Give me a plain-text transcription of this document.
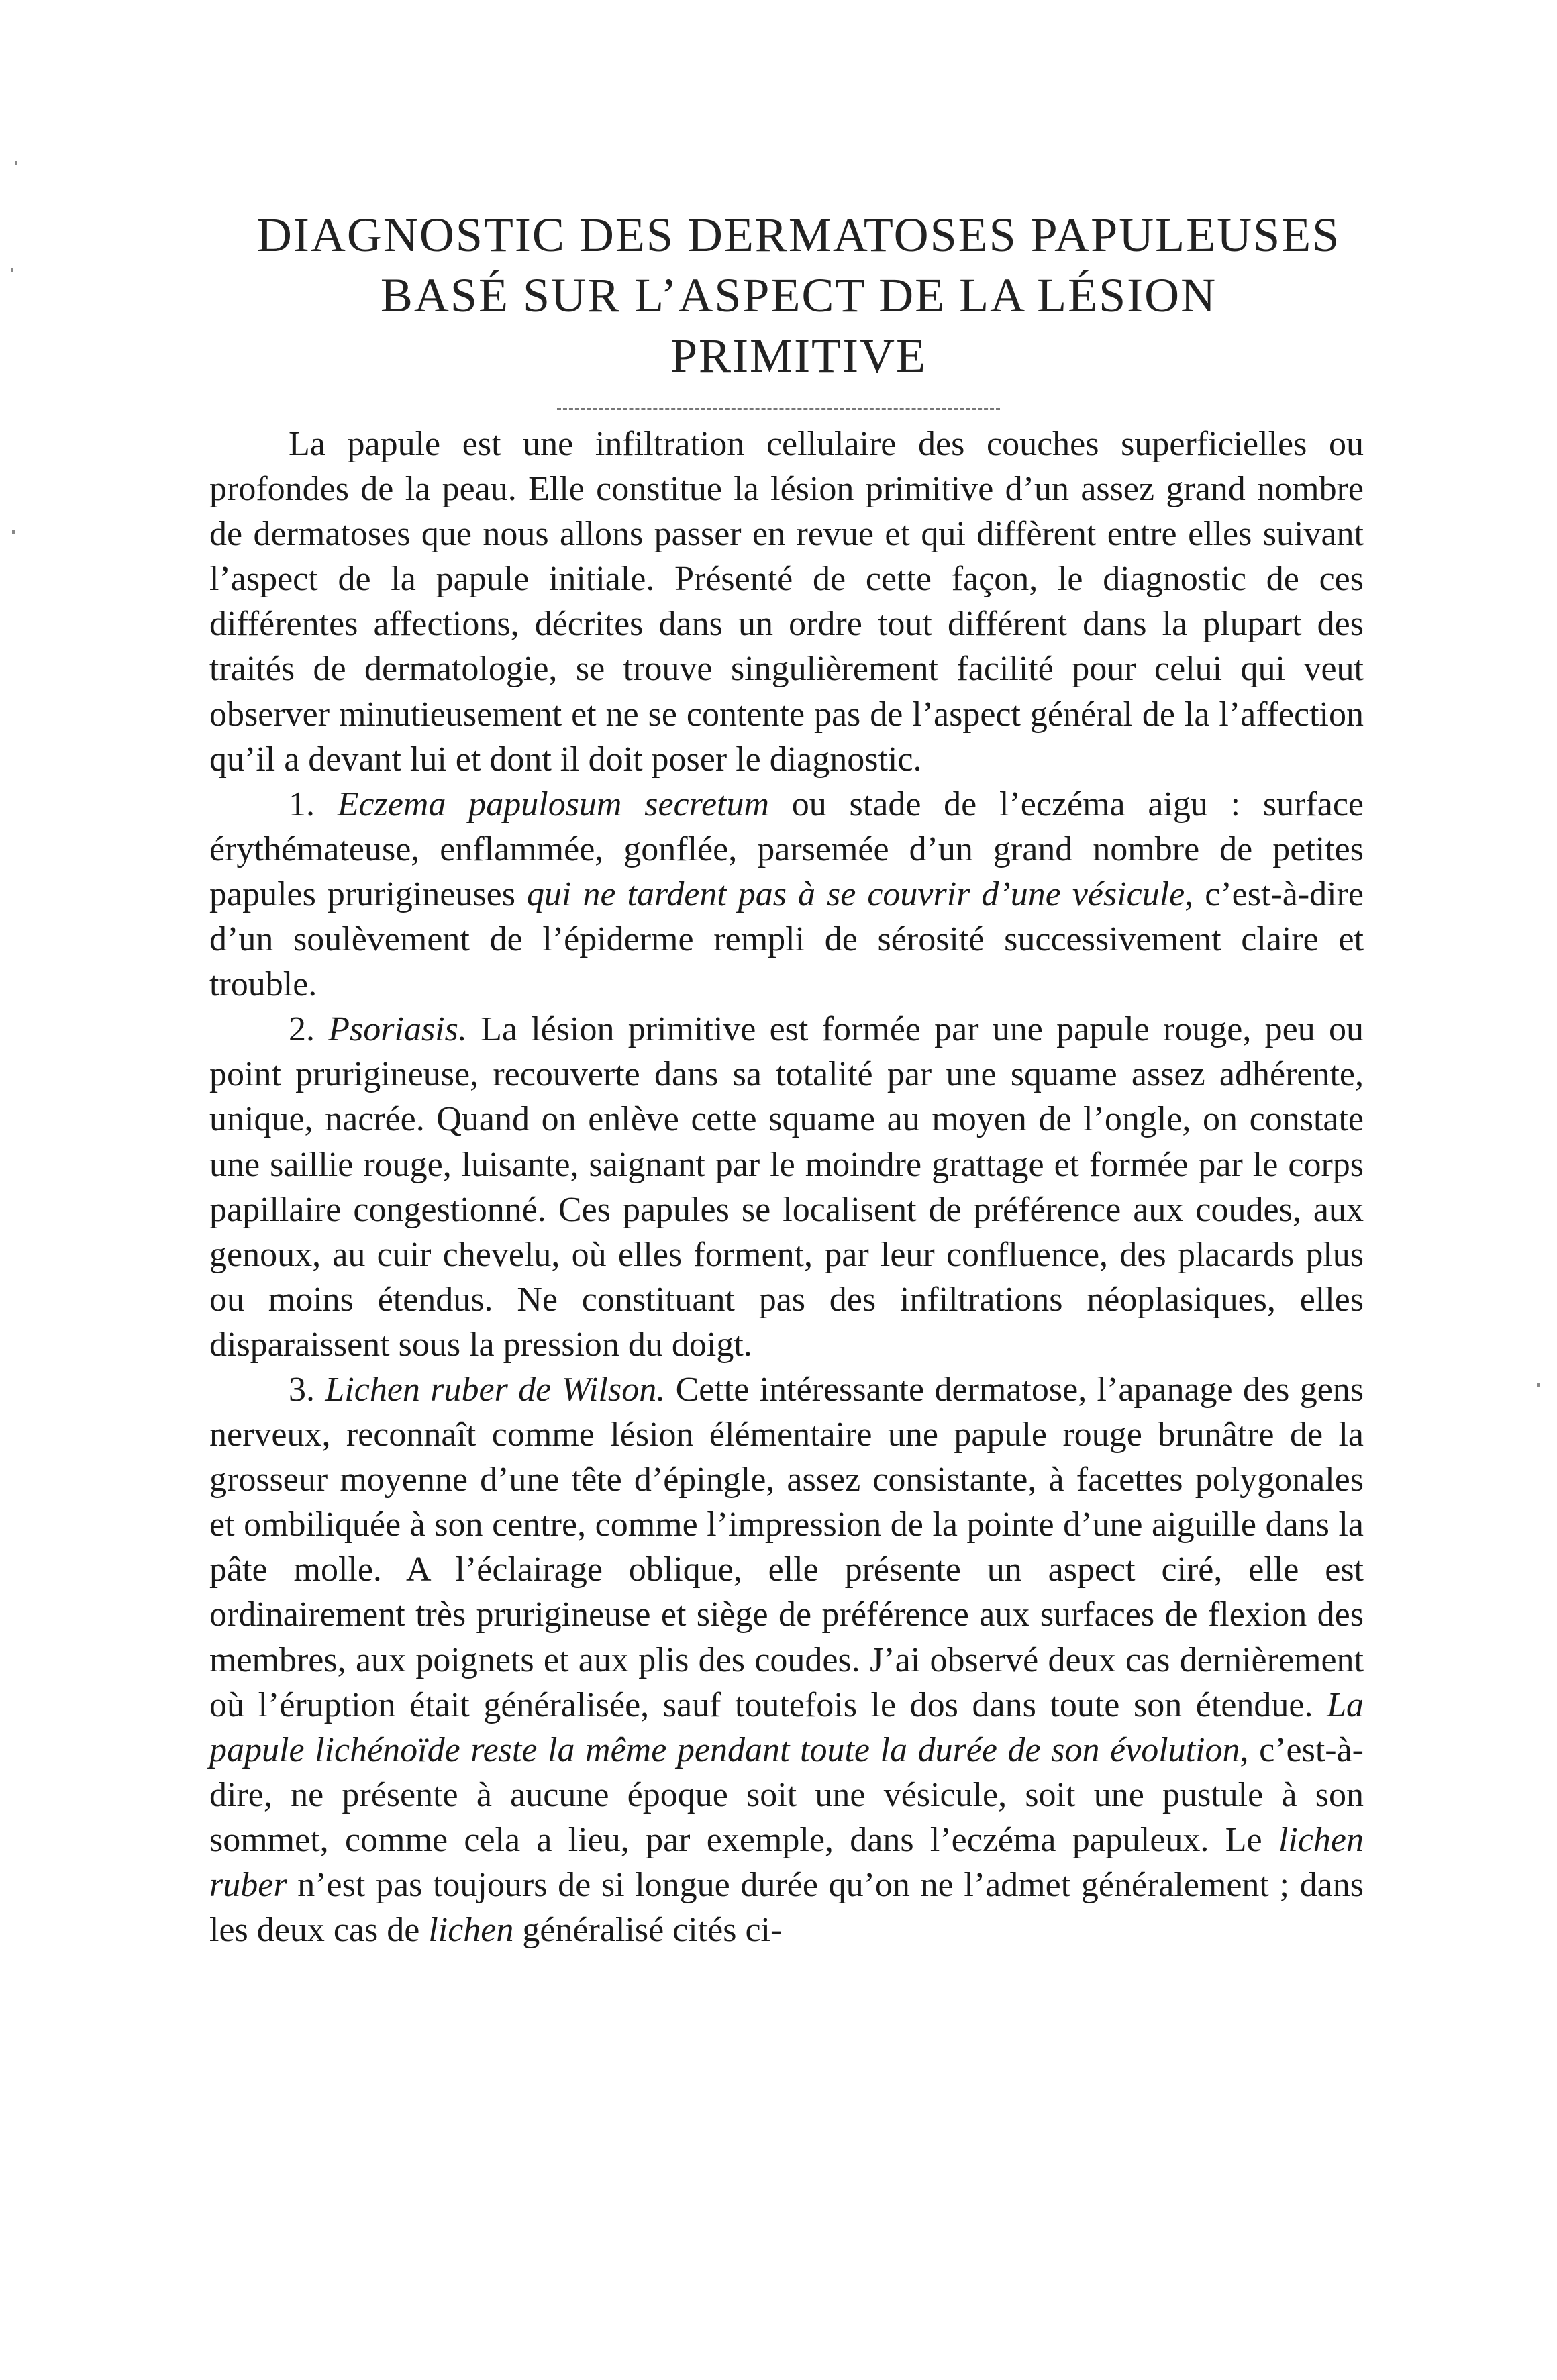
DIAGNOSTIC DES DERMATOSES PAPULEUSES
BASÉ SUR L’ASPECT DE LA LÉSION
PRIMITIVE

La papule est une infiltration cellulaire des couches superficielles ou profondes de la peau. Elle constitue la lésion primitive d’un assez grand nombre de dermatoses que nous allons passer en revue et qui diffèrent entre elles suivant l’aspect de la papule initiale. Présenté de cette façon, le diagnostic de ces différentes affections, décrites dans un ordre tout différent dans la plupart des traités de dermatologie, se trouve singulièrement facilité pour celui qui veut observer minutieusement et ne se contente pas de l’aspect général de la l’affection qu’il a devant lui et dont il doit poser le diagnostic.

1. Eczema papulosum secretum ou stade de l’eczéma aigu : surface érythémateuse, enflammée, gonflée, parsemée d’un grand nombre de petites papules prurigineuses qui ne tardent pas à se couvrir d’une vésicule, c’est-à-dire d’un soulèvement de l’épiderme rempli de sérosité successivement claire et trouble.

2. Psoriasis. La lésion primitive est formée par une papule rouge, peu ou point prurigineuse, recouverte dans sa totalité par une squame assez adhérente, unique, nacrée. Quand on enlève cette squame au moyen de l’ongle, on constate une saillie rouge, luisante, saignant par le moindre grattage et formée par le corps papillaire congestionné. Ces papules se localisent de préférence aux coudes, aux genoux, au cuir chevelu, où elles forment, par leur confluence, des placards plus ou moins étendus. Ne constituant pas des infiltrations néoplasiques, elles disparaissent sous la pression du doigt.

3. Lichen ruber de Wilson. Cette intéressante dermatose, l’apanage des gens nerveux, reconnaît comme lésion élémentaire une papule rouge brunâtre de la grosseur moyenne d’une tête d’épingle, assez consistante, à facettes polygonales et ombiliquée à son centre, comme l’impression de la pointe d’une aiguille dans la pâte molle. A l’éclairage oblique, elle présente un aspect ciré, elle est ordinairement très prurigineuse et siège de préférence aux surfaces de flexion des membres, aux poignets et aux plis des coudes. J’ai observé deux cas dernièrement où l’éruption était généralisée, sauf toutefois le dos dans toute son étendue. La papule lichénoïde reste la même pendant toute la durée de son évolution, c’est-à-dire, ne présente à aucune époque soit une vésicule, soit une pustule à son sommet, comme cela a lieu, par exemple, dans l’eczéma papuleux. Le lichen ruber n’est pas toujours de si longue durée qu’on ne l’admet généralement ; dans les deux cas de lichen généralisé cités ci-
